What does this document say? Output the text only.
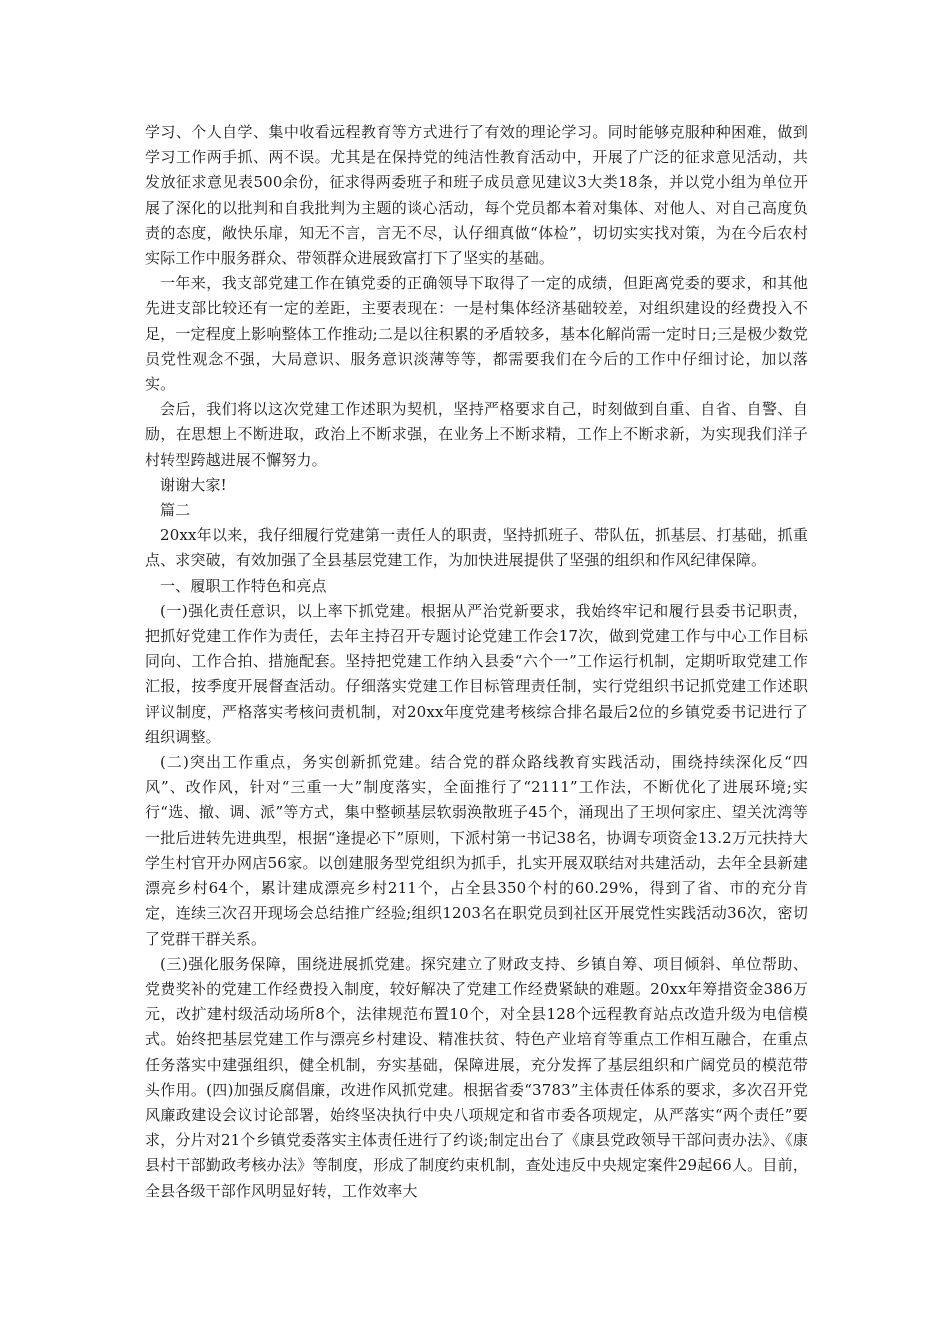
学习、个人自学、集中收看远程教育等方式进行了有效的理论学习。同时能够克服种种困难，做到学习工作两手抓、两不误。尤其是在保持党的纯洁性教育活动中，开展了广泛的征求意见活动，共发放征求意见表500余份，征求得两委班子和班子成员意见建议3大类18条，并以党小组为单位开展了深化的以批判和自我批判为主题的谈心活动，每个党员都本着对集体、对他人、对自己高度负责的态度，敞快乐扉，知无不言，言无不尽，认仔细真做“体检”，切切实实找对策，为在今后农村实际工作中服务群众、带领群众进展致富打下了坚实的基础。

一年来，我支部党建工作在镇党委的正确领导下取得了一定的成绩，但距离党委的要求，和其他先进支部比较还有一定的差距，主要表现在：一是村集体经济基础较差，对组织建设的经费投入不足，一定程度上影响整体工作推动;二是以往积累的矛盾较多，基本化解尚需一定时日;三是极少数党员党性观念不强，大局意识、服务意识淡薄等等，都需要我们在今后的工作中仔细讨论，加以落实。

会后，我们将以这次党建工作述职为契机，坚持严格要求自己，时刻做到自重、自省、自警、自励，在思想上不断进取，政治上不断求强，在业务上不断求精，工作上不断求新，为实现我们洋子村转型跨越进展不懈努力。

谢谢大家!

篇二

20xx年以来，我仔细履行党建第一责任人的职责，坚持抓班子、带队伍，抓基层、打基础，抓重点、求突破，有效加强了全县基层党建工作，为加快进展提供了坚强的组织和作风纪律保障。

一、履职工作特色和亮点

(一)强化责任意识，以上率下抓党建。根据从严治党新要求，我始终牢记和履行县委书记职责，把抓好党建工作作为责任，去年主持召开专题讨论党建工作会17次，做到党建工作与中心工作目标同向、工作合拍、措施配套。坚持把党建工作纳入县委“六个一”工作运行机制，定期听取党建工作汇报，按季度开展督查活动。仔细落实党建工作目标管理责任制，实行党组织书记抓党建工作述职评议制度，严格落实考核问责机制，对20xx年度党建考核综合排名最后2位的乡镇党委书记进行了组织调整。

(二)突出工作重点，务实创新抓党建。结合党的群众路线教育实践活动，围绕持续深化反“四风”、改作风，针对“三重一大”制度落实，全面推行了“2111”工作法，不断优化了进展环境;实行“选、撤、调、派”等方式，集中整顿基层软弱涣散班子45个，涌现出了王坝何家庄、望关沈湾等一批后进转先进典型，根据“逢提必下”原则，下派村第一书记38名，协调专项资金13.2万元扶持大学生村官开办网店56家。以创建服务型党组织为抓手，扎实开展双联结对共建活动，去年全县新建漂亮乡村64个，累计建成漂亮乡村211个，占全县350个村的60.29%，得到了省、市的充分肯定，连续三次召开现场会总结推广经验;组织1203名在职党员到社区开展党性实践活动36次，密切了党群干群关系。

(三)强化服务保障，围绕进展抓党建。探究建立了财政支持、乡镇自筹、项目倾斜、单位帮助、党费奖补的党建工作经费投入制度，较好解决了党建工作经费紧缺的难题。20xx年筹措资金386万元，改扩建村级活动场所8个，法律规范布置10个，对全县128个远程教育站点改造升级为电信模式。始终把基层党建工作与漂亮乡村建设、精准扶贫、特色产业培育等重点工作相互融合，在重点任务落实中建强组织，健全机制，夯实基础，保障进展，充分发挥了基层组织和广阔党员的模范带头作用。(四)加强反腐倡廉，改进作风抓党建。根据省委“3783”主体责任体系的要求，多次召开党风廉政建设会议讨论部署，始终坚决执行中央八项规定和省市委各项规定，从严落实“两个责任”要求，分片对21个乡镇党委落实主体责任进行了约谈;制定出台了《康县党政领导干部问责办法》、《康县村干部勤政考核办法》等制度，形成了制度约束机制，查处违反中央规定案件29起66人。目前，全县各级干部作风明显好转，工作效率大
